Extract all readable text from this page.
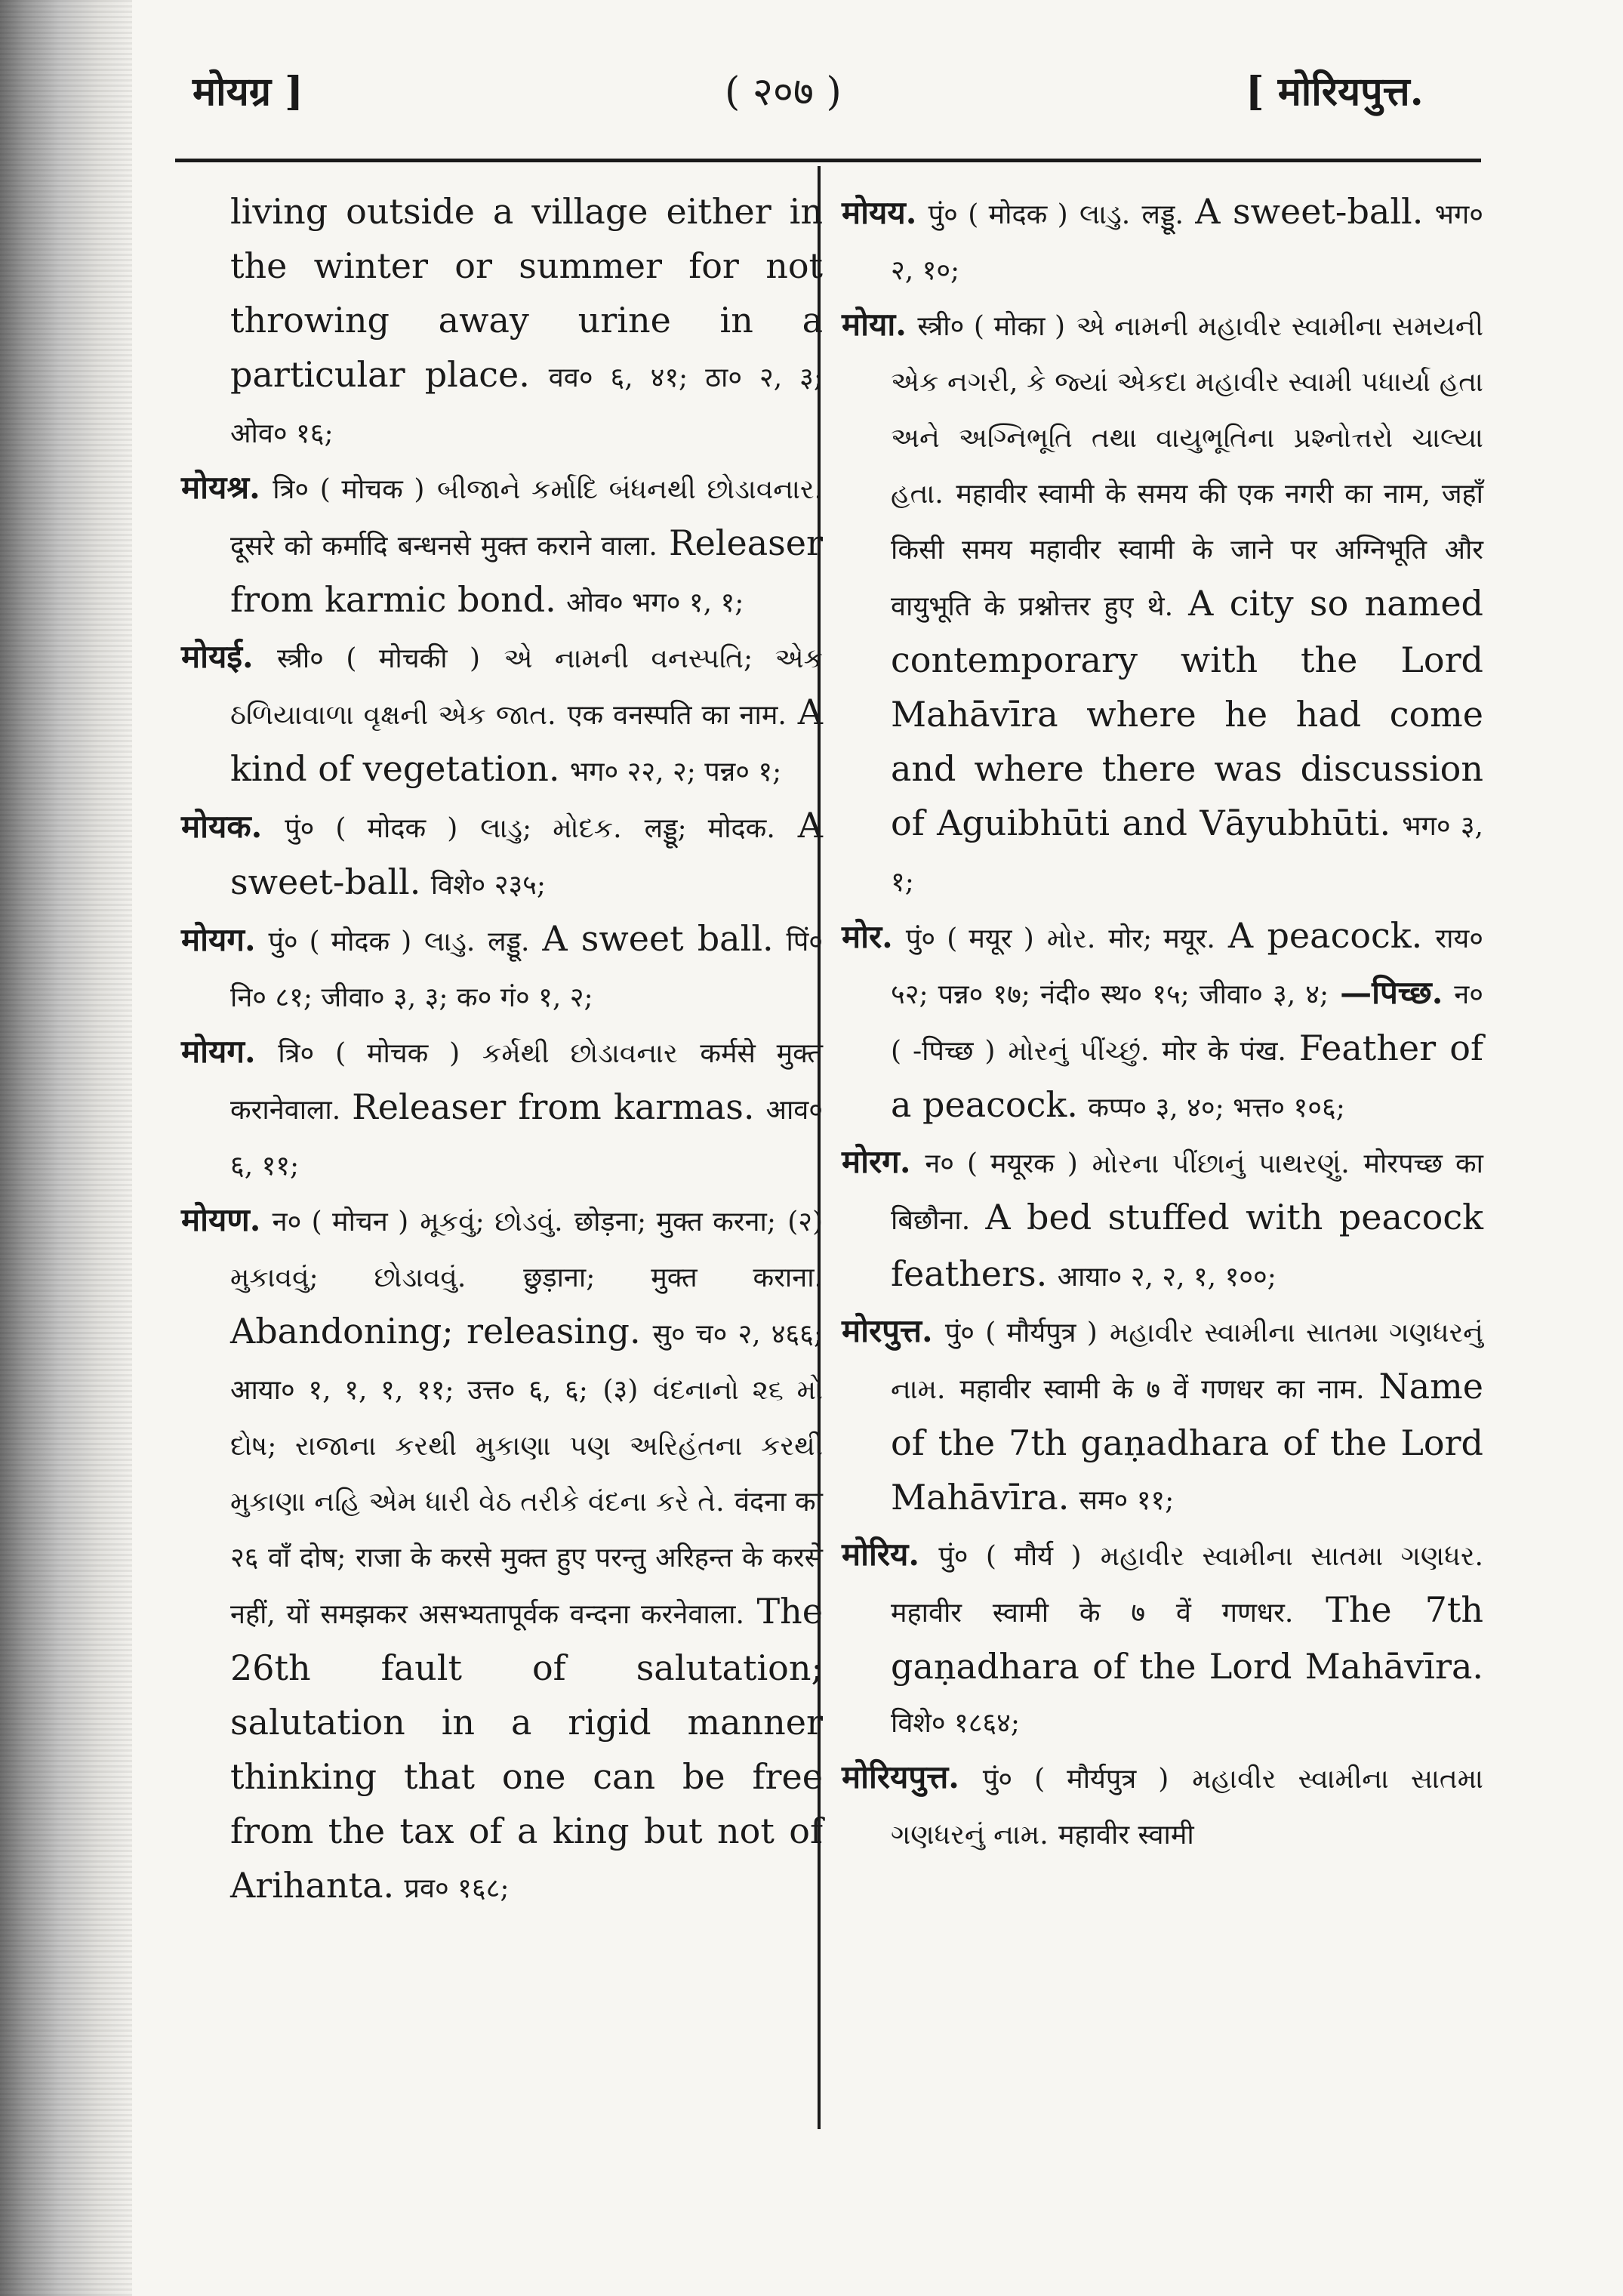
मोयग्र ]	( २०७ )	[ मोरियपुत्त.
living outside a village either in the winter or summer for not throwing away urine in a particular place. वव० ६, ४१; ठा० २, ३; ओव० १६;
मोयश्र. त्रि० ( मोचक ) બીજાને કર્માદિ બંધનથી છોડાવનાર. दूसरे को कर्मादि बन्धनसे मुक्त कराने वाला. Releaser from karmic bond. ओव० भग० १, १;
मोयई. स्त्री० ( मोचकी ) એ નામની વનસ્પતિ; એક ઠળિયાવાળા વૃક્ષની એક જાત. एक वनस्पति का नाम. A kind of vegetation. भग० २२, २; पन्न० १;
मोयक. पुं० ( मोदक ) લાડુ; મોદક. लड्डू; मोदक. A sweet-ball. विशे० २३५;
मोयग. पुं० ( मोदक ) લાડુ. लड्डू. A sweet ball. पिं० नि० ८१; जीवा० ३, ३; क० गं० १, २;
मोयग. त्रि० ( मोचक ) કર્મથી છોડાવનાર कर्मसे मुक्त करानेवाला. Releaser from karmas. आव० ६, ११;
मोयण. न० ( मोचन ) મૂકવું; છોડવું. छोड़ना; मुक्त करना; (२) મુકાવવું; છોડાવવું. छुड़ाना; मुक्त कराना. Abandoning; releasing. सु० च० २, ४६६; आया० १, १, १, ११; उत्त० ६, ६; (३) વંદનાનો ૨૬ મો દોષ; રાજાના કરથી મુકાણા પણ અરિહંતના કરથી મુકાણા નહિ એમ ધારી વેઠ તરીકે વંદના કરે તે. वंदना का २६ वाँ दोष; राजा के करसे मुक्त हुए परन्तु अरिहन्त के करसे नहीं, यों समझकर असभ्यतापूर्वक वन्दना करनेवाला. The 26th fault of salutation; salutation in a rigid manner thinking that one can be free from the tax of a king but not of Arihanta. प्रव० १६८;
मोयय. पुं० ( मोदक ) લાડુ. लड्डू. A sweet-ball. भग० २, १०;
मोया. स्त्री० ( मोका ) એ નામની મહાવીર સ્વામીના સમયની એક નગરી, કે જ્યાં એકદા મહાવીર સ્વામી પધાર્યા હતા અને અગ્નિભૂતિ તથા વાયુભૂતિના પ્રશ્નોત્તરો ચાલ્યા હતા. महावीर स्वामी के समय की एक नगरी का नाम, जहाँ किसी समय महावीर स्वामी के जाने पर अग्निभूति और वायुभूति के प्रश्नोत्तर हुए थे. A city so named contemporary with the Lord Mahāvīra where he had come and where there was discussion of Aguibhūti and Vāyubhūti. भग० ३, १;
मोर. पुं० ( मयूर ) મોર. मोर; मयूर. A peacock. राय० ५२; पन्न० १७; नंदी० स्थ० १५; जीवा० ३, ४; —पिच्छ. न० ( -पिच्छ ) મોરનું પીંચ્છું. मोर के पंख. Feather of a peacock. कप्प० ३, ४०; भत्त० १०६;
मोरग. न० ( मयूरक ) મોરના પીંછાનું પાથરણું. मोरपच्छ का बिछौना. A bed stuffed with peacock feathers. आया० २, २, १, १००;
मोरपुत्त. पुं० ( मौर्यपुत्र ) મહાવીર સ્વામીના સાતમા ગણધરનું નામ. महावीर स्वामी के ७ वें गणधर का नाम. Name of the 7th gaṇadhara of the Lord Mahāvīra. सम० ११;
मोरिय. पुं० ( मौर्य ) મહાવીર સ્વામીના સાતમા ગણધર. महावीर स्वामी के ७ वें गणधर. The 7th gaṇadhara of the Lord Mahāvīra. विशे० १८६४;
मोरियपुत्त. पुं० ( मौर्यपुत्र ) મહાવીર સ્વામીના સાતમા ગણધરનું નામ. महावीर स्वामी
